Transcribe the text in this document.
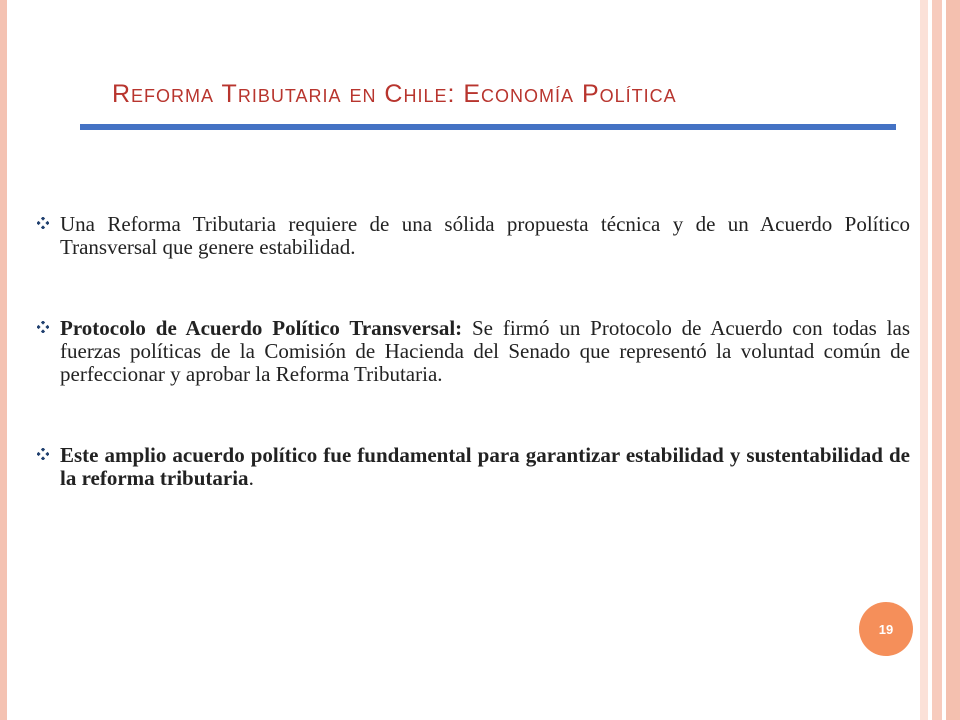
Reforma Tributaria en Chile: Economía Política
Una Reforma Tributaria requiere de una sólida propuesta técnica y de un Acuerdo Político Transversal que genere estabilidad.
Protocolo de Acuerdo Político Transversal: Se firmó un Protocolo de Acuerdo con todas las fuerzas políticas de la Comisión de Hacienda del Senado que representó la voluntad común de perfeccionar y aprobar la Reforma Tributaria.
Este amplio acuerdo político fue fundamental para garantizar estabilidad y sustentabilidad de la reforma tributaria.
19
